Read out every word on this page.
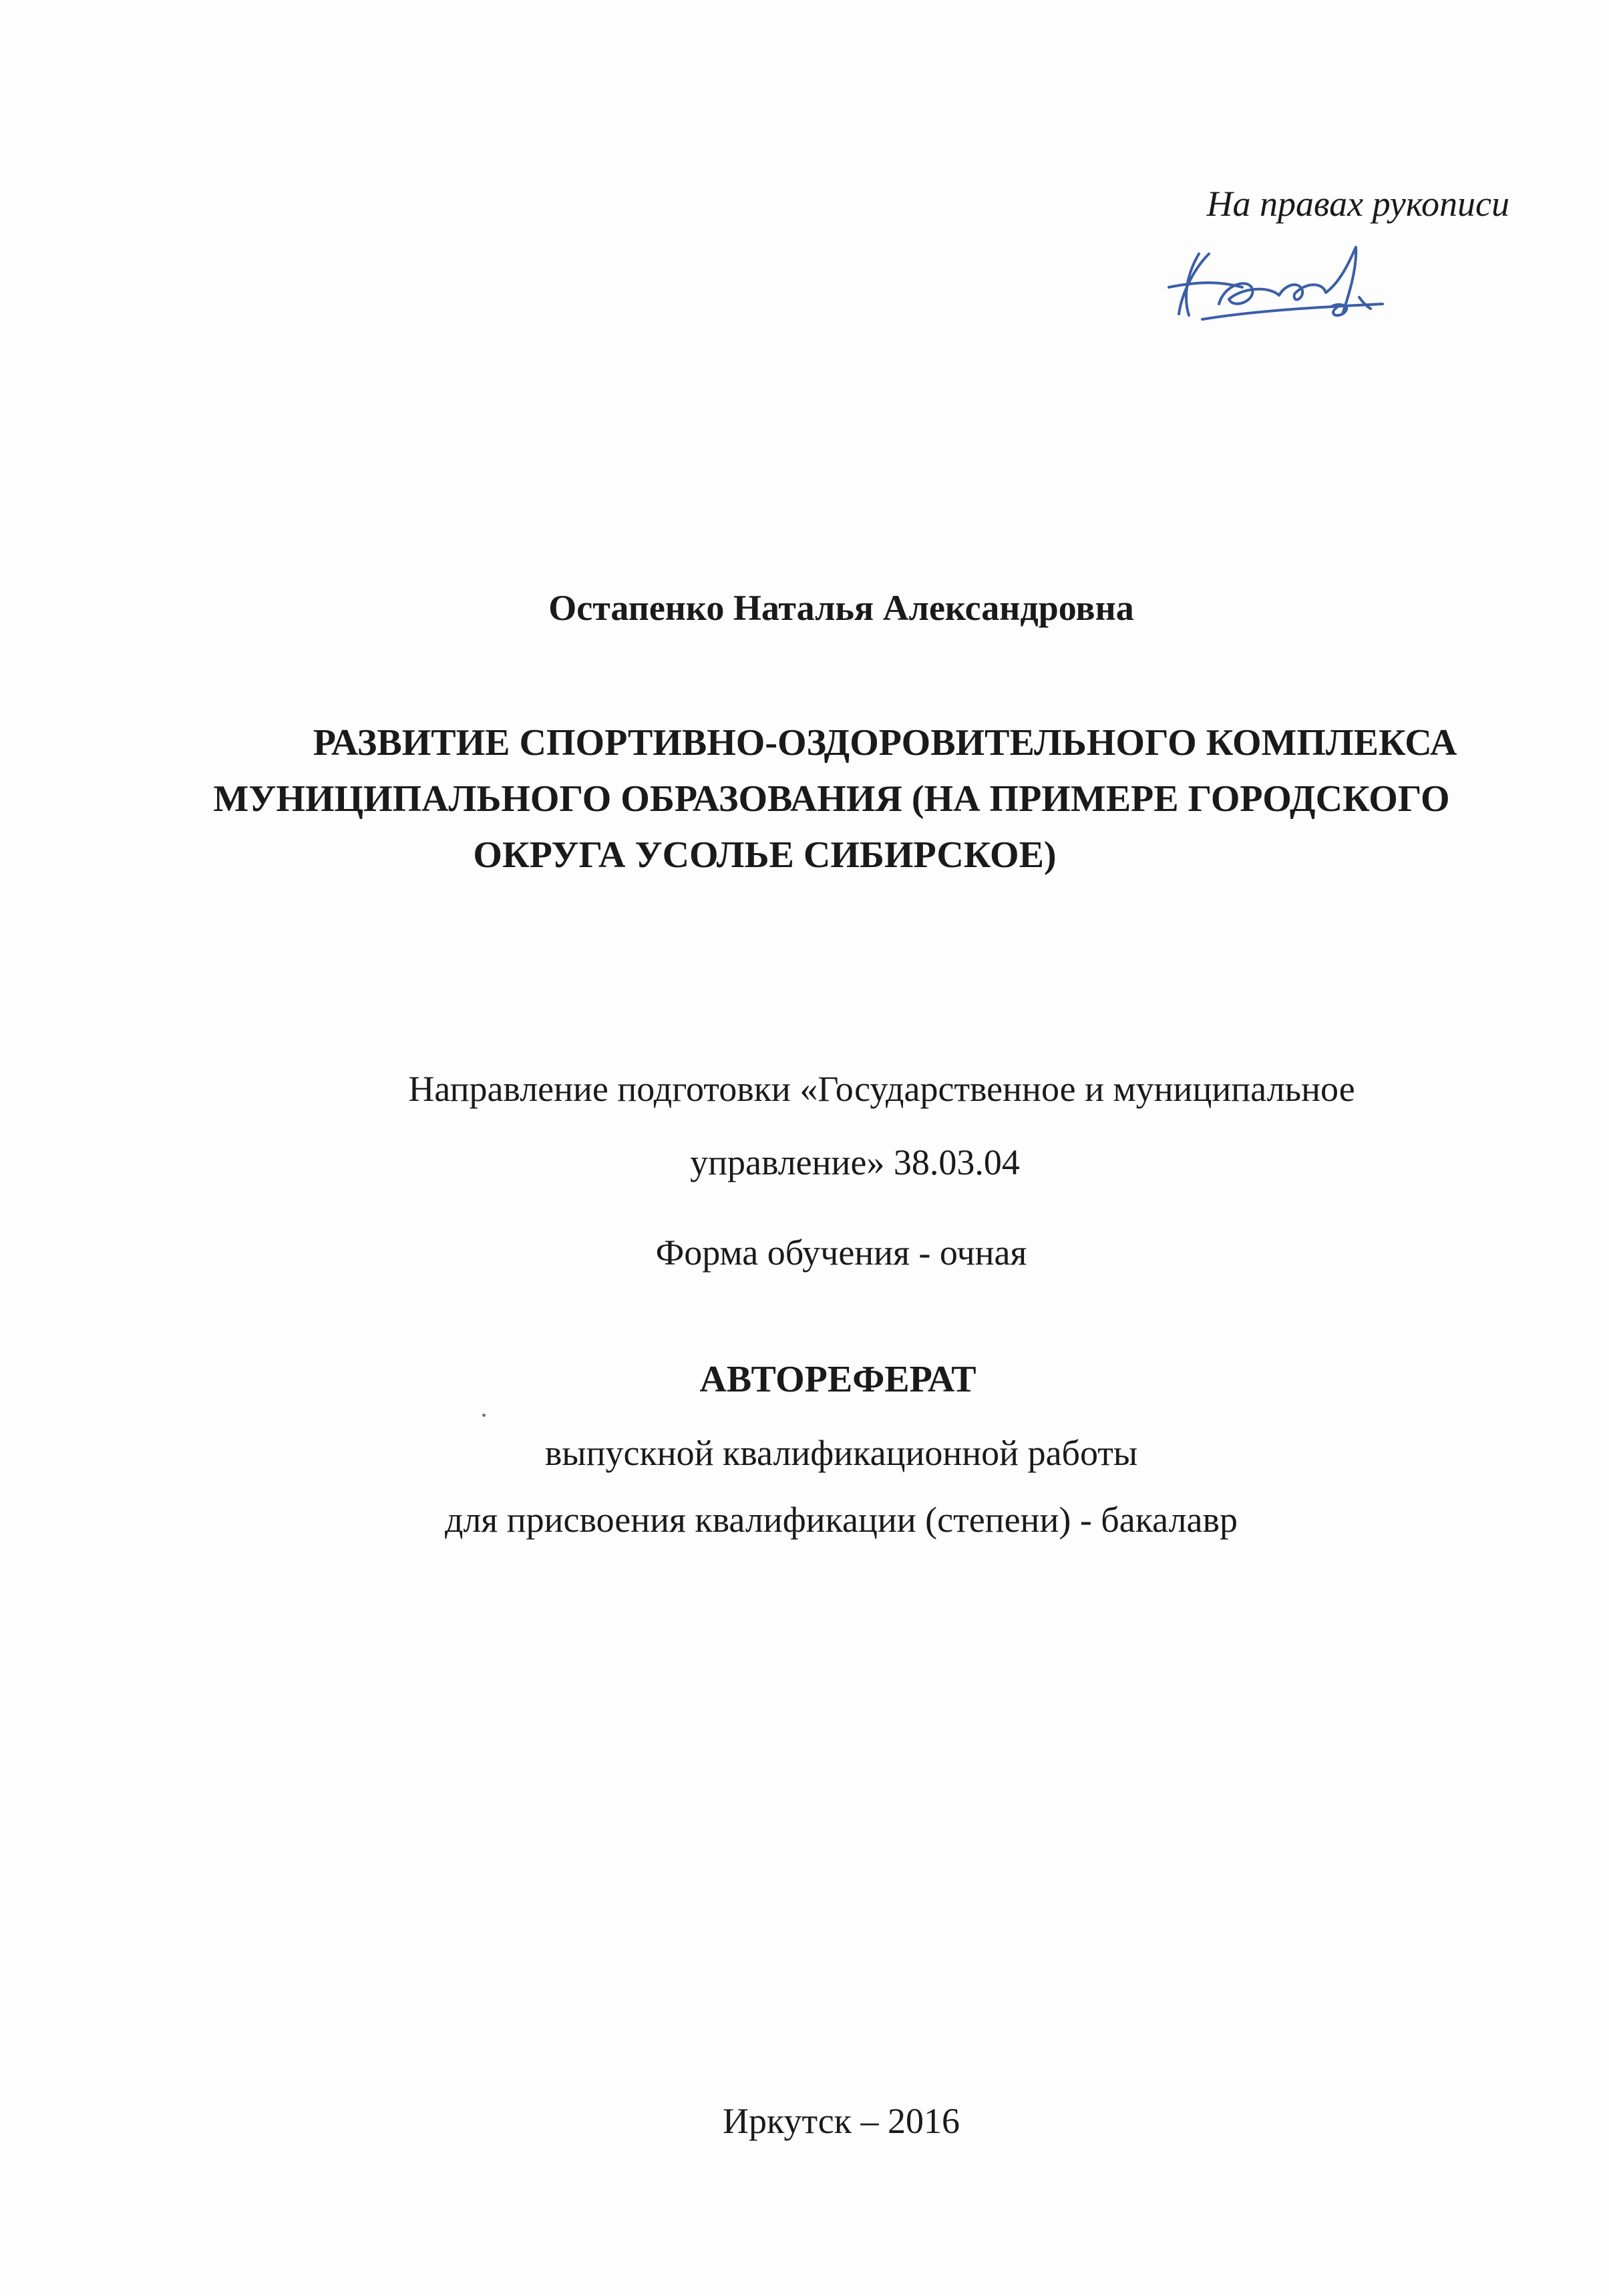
На правах рукописи
Остапенко Наталья Александровна
РАЗВИТИЕ СПОРТИВНО-ОЗДОРОВИТЕЛЬНОГО КОМПЛЕКСА
МУНИЦИПАЛЬНОГО ОБРАЗОВАНИЯ (НА ПРИМЕРЕ ГОРОДСКОГО
ОКРУГА УСОЛЬЕ СИБИРСКОЕ)
Направление подготовки «Государственное и муниципальное
управление» 38.03.04
Форма обучения - очная
АВТОРЕФЕРАТ
выпускной квалификационной работы
для присвоения квалификации (степени) - бакалавр
Иркутск – 2016
